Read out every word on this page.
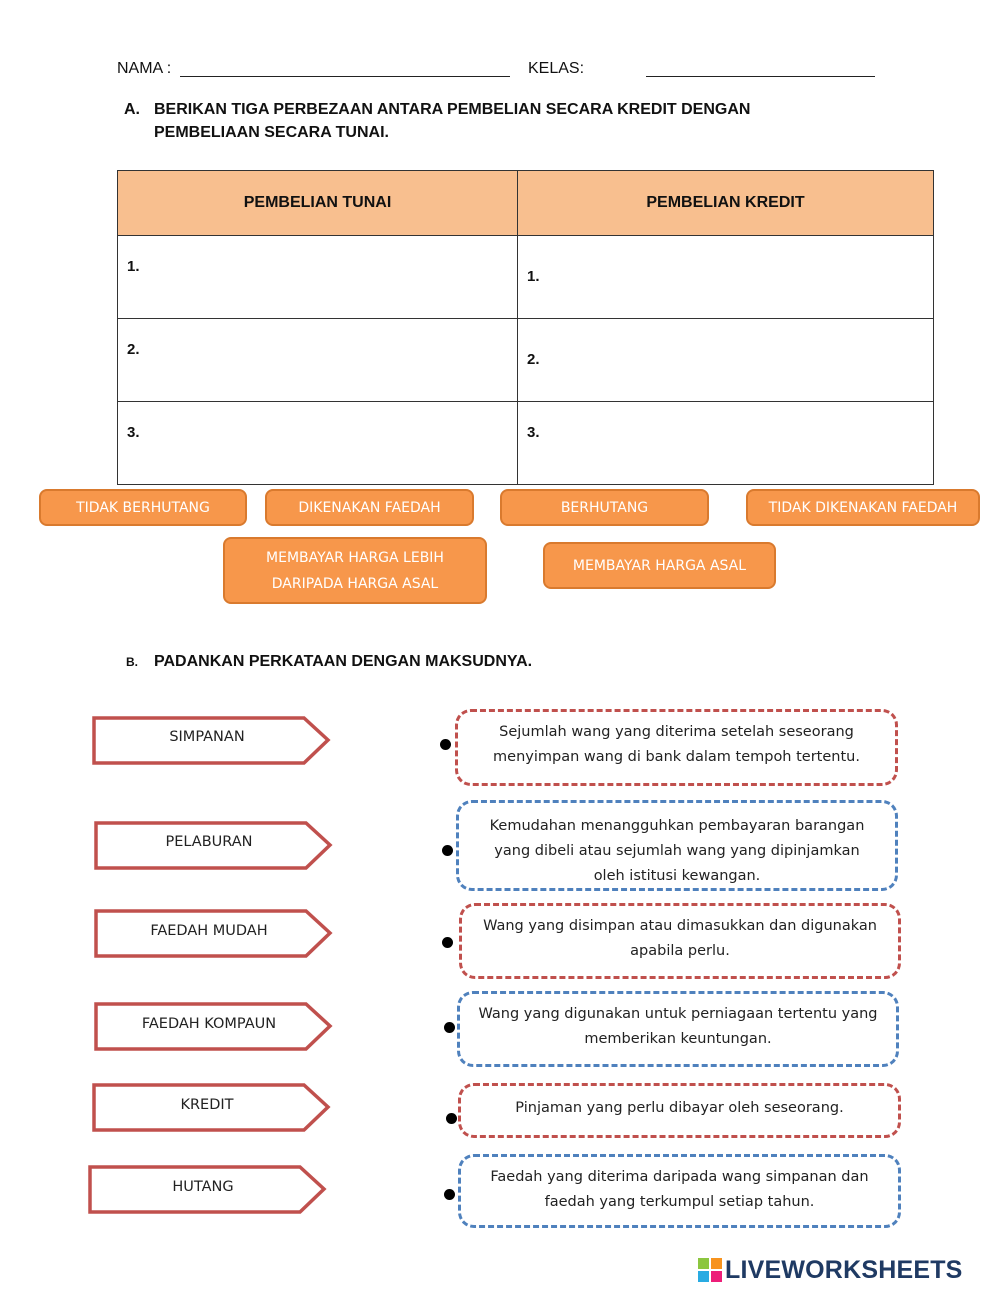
NAMA :	KELAS:
A. BERIKAN TIGA PERBEZAAN ANTARA PEMBELIAN SECARA KREDIT DENGAN
PEMBELIAAN SECARA TUNAI.
PEMBELIAN TUNAI	PEMBELIAN KREDIT

1.	1.

2.	2.

3.	3.
TIDAK BERHUTANG	DIKENAKAN FAEDAH	BERHUTANG	TIDAK DIKENAKAN FAEDAH
MEMBAYAR HARGA LEBIH DARIPADA HARGA ASAL
MEMBAYAR HARGA ASAL
B. PADANKAN PERKATAAN DENGAN MAKSUDNYA.
SIMPANAN
PELABURAN
FAEDAH MUDAH
FAEDAH KOMPAUN
KREDIT
HUTANG
Sejumlah wang yang diterima setelah seseorang menyimpan wang di bank dalam tempoh tertentu.
Kemudahan menangguhkan pembayaran barangan yang dibeli atau sejumlah wang yang dipinjamkan oleh istitusi kewangan.
Wang yang disimpan atau dimasukkan dan digunakan apabila perlu.
Wang yang digunakan untuk perniagaan tertentu yang memberikan keuntungan.
Pinjaman yang perlu dibayar oleh seseorang.
Faedah yang diterima daripada wang simpanan dan faedah yang terkumpul setiap tahun.
LIVEWORKSHEETS
